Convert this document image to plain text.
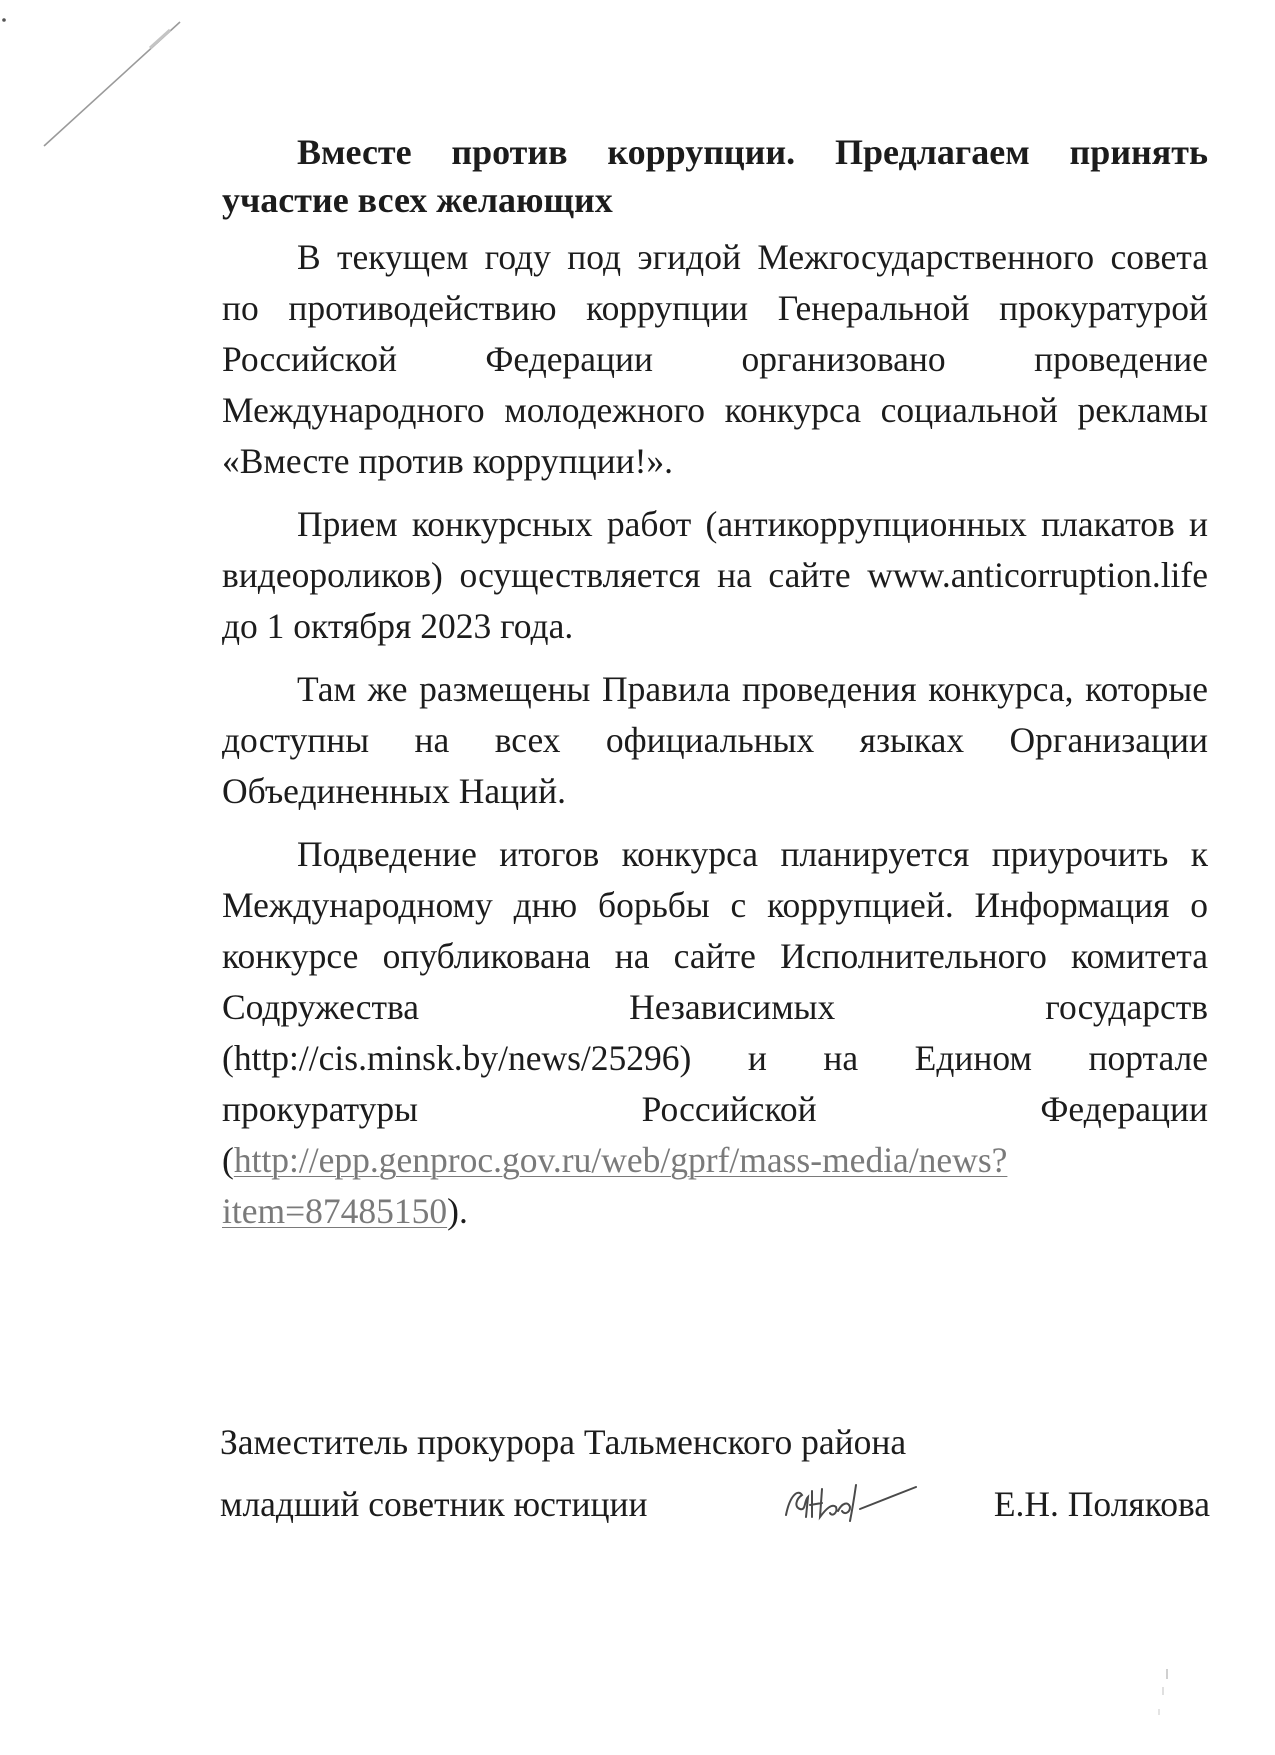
Вместе против коррупции. Предлагаем принять участие всех желающих

В текущем году под эгидой Межгосударственного совета по противодействию коррупции Генеральной прокуратурой Российской Федерации организовано проведение Международного молодежного конкурса социальной рекламы «Вместе против коррупции!».

Прием конкурсных работ (антикоррупционных плакатов и видеороликов) осуществляется на сайте www.anticorruption.life до 1 октября 2023 года.

Там же размещены Правила проведения конкурса, которые доступны на всех официальных языках Организации Объединенных Наций.

Подведение итогов конкурса планируется приурочить к Международному дню борьбы с коррупцией. Информация о конкурсе опубликована на сайте Исполнительного комитета Содружества Независимых государств (http://cis.minsk.by/news/25296) и на Едином портале прокуратуры Российской Федерации (http://epp.genproc.gov.ru/web/gprf/mass-media/news?item=87485150).

Заместитель прокурора Тальменского района
младший советник юстиции	Е.Н. Полякова
